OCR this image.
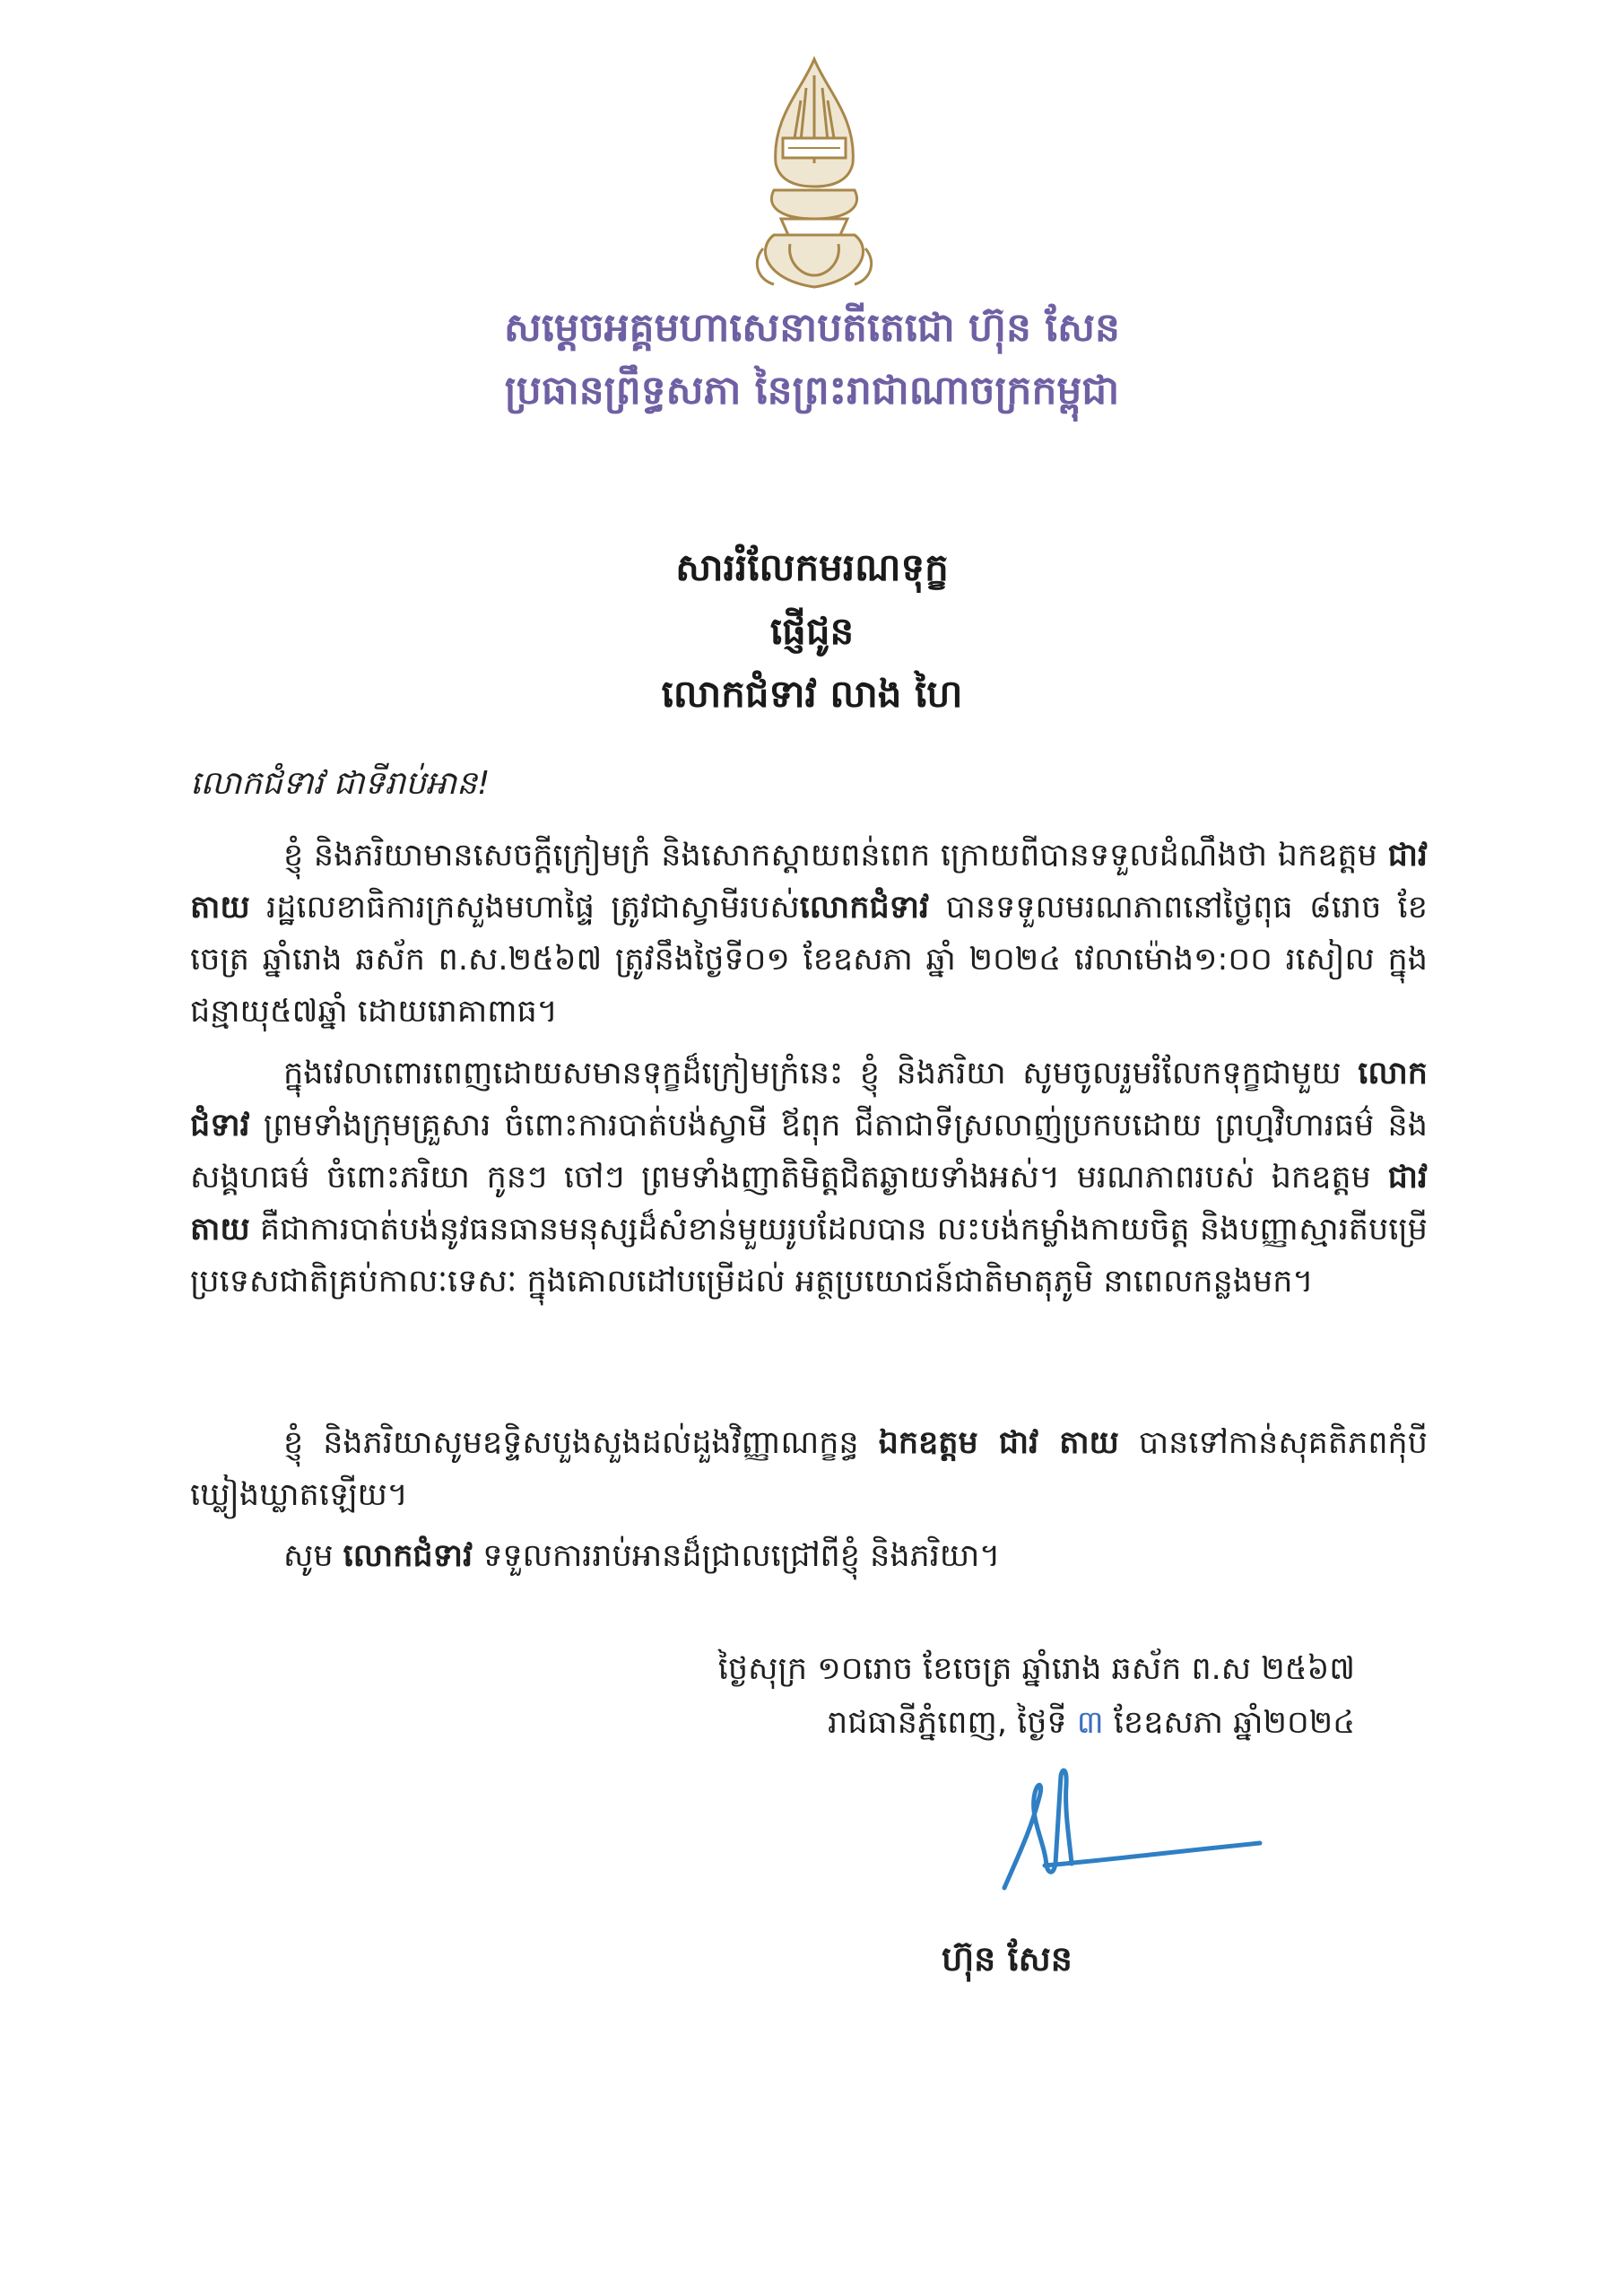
សម្តេចអគ្គមហាសេនាបតីតេជោ ហ៊ុន សែន
ប្រធានព្រឹទ្ធសភា នៃព្រះរាជាណាចក្រកម្ពុជា
សាររំលែកមរណទុក្ខ
ផ្ញើជូន
លោកជំទាវ លាង ហៃ
លោកជំទាវ ជាទីរាប់អាន!
ខ្ញុំ និងភរិយាមានសេចក្តីក្រៀមក្រំ និងសោកស្តាយពន់ពេក ក្រោយពីបានទទួលដំណឹងថា ឯកឧត្តម ជាវ តាយ រដ្ឋលេខាធិការក្រសួងមហាផ្ទៃ ត្រូវជាស្វាមីរបស់លោកជំទាវ បានទទួលមរណភាពនៅថ្ងៃពុធ ៨រោច ខែចេត្រ ឆ្នាំរោង ឆស័ក ព.ស.២៥៦៧ ត្រូវនឹងថ្ងៃទី០១ ខែឧសភា ឆ្នាំ ២០២៤ វេលាម៉ោង១:០០ រសៀល ក្នុងជន្មាយុ៥៧ឆ្នាំ ដោយរោគាពាធ។
ក្នុងវេលាពោរពេញដោយសមានទុក្ខដ៏ក្រៀមក្រំនេះ ខ្ញុំ និងភរិយា សូមចូលរួមរំលែកទុក្ខជាមួយ លោកជំទាវ ព្រមទាំងក្រុមគ្រួសារ ចំពោះការបាត់បង់ស្វាមី ឪពុក ជីតាជាទីស្រលាញ់ប្រកបដោយ ព្រហ្មវិហារធម៌ និងសង្គហធម៌ ចំពោះភរិយា កូនៗ ចៅៗ ព្រមទាំងញាតិមិត្តជិតឆ្ងាយទាំងអស់។ មរណភាពរបស់ ឯកឧត្តម ជាវ តាយ គឺជាការបាត់បង់នូវធនធានមនុស្សដ៏សំខាន់មួយរូបដែលបាន លះបង់កម្លាំងកាយចិត្ត និងបញ្ញាស្មារតីបម្រើប្រទេសជាតិគ្រប់កាលៈទេសៈ ក្នុងគោលដៅបម្រើដល់ អត្ថប្រយោជន៍ជាតិមាតុភូមិ នាពេលកន្លងមក។
ខ្ញុំ និងភរិយាសូមឧទ្ទិសបួងសួងដល់ដួងវិញ្ញាណក្ខន្ធ ឯកឧត្តម ជាវ តាយ បានទៅកាន់សុគតិភពកុំបីឃ្លៀងឃ្លាតឡើយ។
សូម លោកជំទាវ ទទួលការរាប់អានដ៏ជ្រាលជ្រៅពីខ្ញុំ និងភរិយា។
ថ្ងៃសុក្រ ១០រោច ខែចេត្រ ឆ្នាំរោង ឆស័ក ព.ស ២៥៦៧
រាជធានីភ្នំពេញ, ថ្ងៃទី ៣ ខែឧសភា ឆ្នាំ២០២៤
ហ៊ុន សែន
